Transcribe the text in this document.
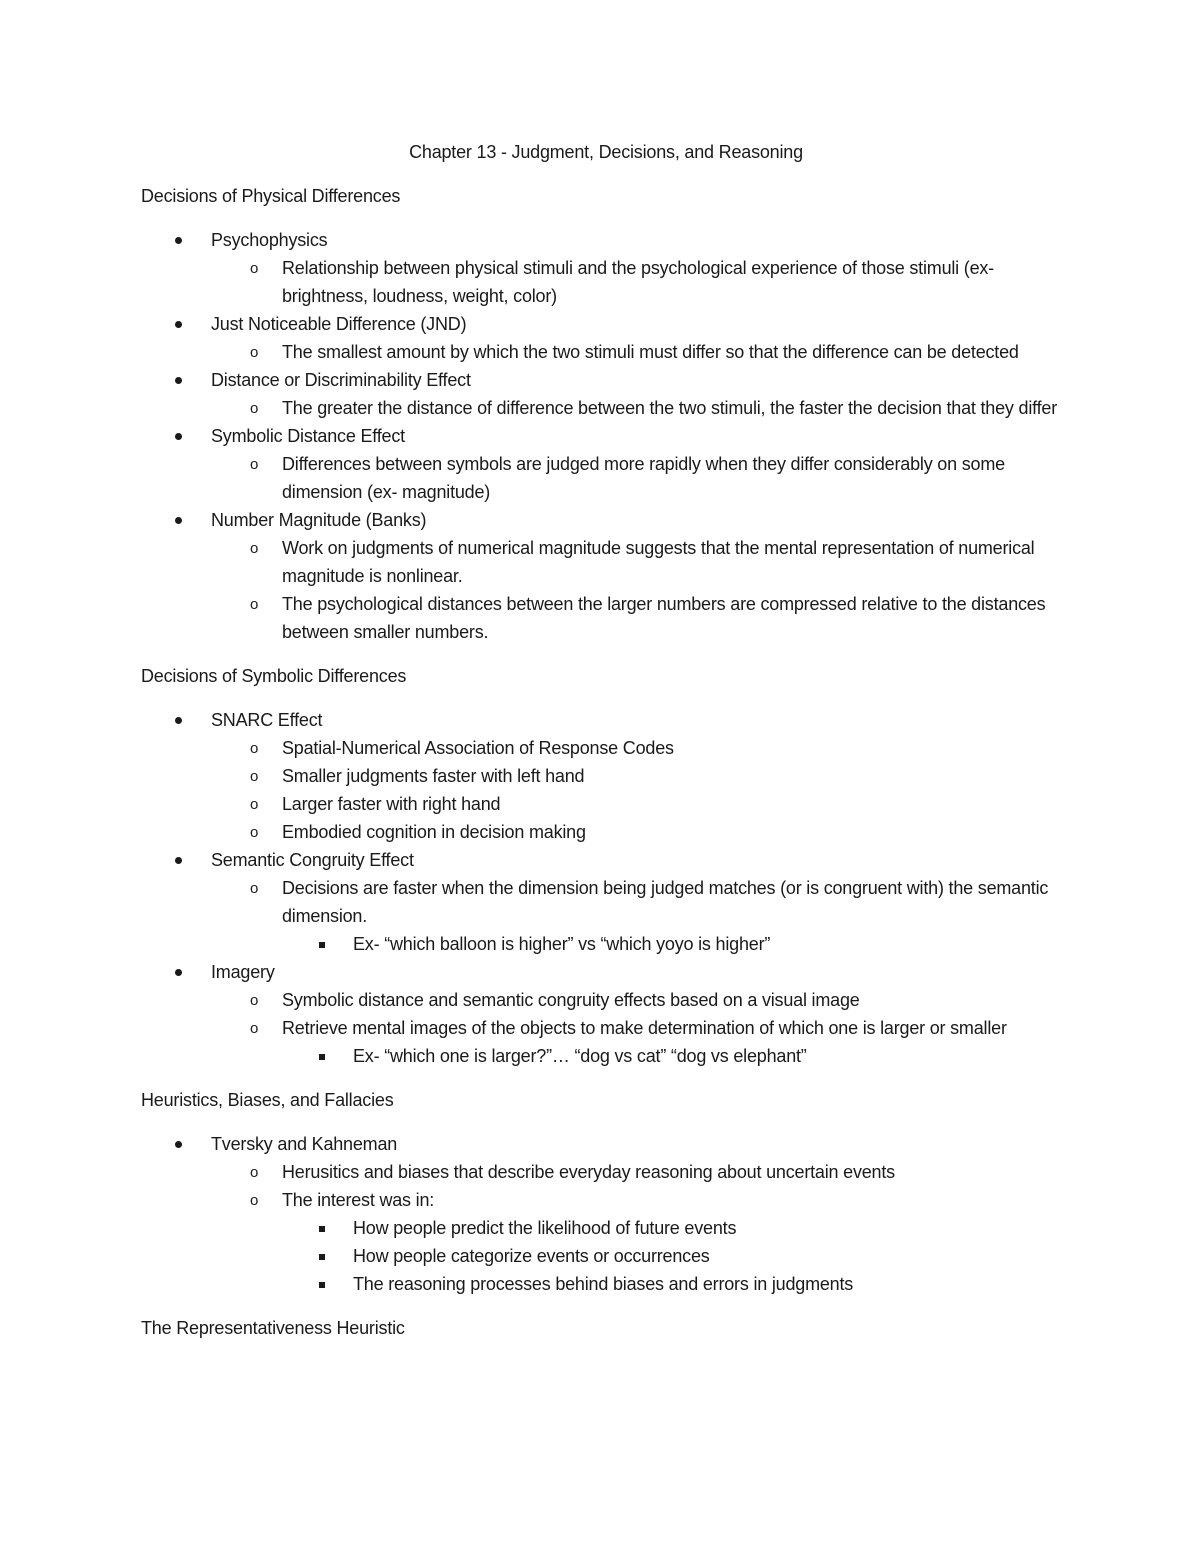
Chapter 13 - Judgment, Decisions, and Reasoning
Decisions of Physical Differences
Psychophysics
o Relationship between physical stimuli and the psychological experience of those stimuli (ex- brightness, loudness, weight, color)
Just Noticeable Difference (JND)
o The smallest amount by which the two stimuli must differ so that the difference can be detected
Distance or Discriminability Effect
o The greater the distance of difference between the two stimuli, the faster the decision that they differ
Symbolic Distance Effect
o Differences between symbols are judged more rapidly when they differ considerably on some dimension (ex- magnitude)
Number Magnitude (Banks)
o Work on judgments of numerical magnitude suggests that the mental representation of numerical magnitude is nonlinear.
o The psychological distances between the larger numbers are compressed relative to the distances between smaller numbers.
Decisions of Symbolic Differences
SNARC Effect
o Spatial-Numerical Association of Response Codes
o Smaller judgments faster with left hand
o Larger faster with right hand
o Embodied cognition in decision making
Semantic Congruity Effect
o Decisions are faster when the dimension being judged matches (or is congruent with) the semantic dimension.
Ex- “which balloon is higher” vs “which yoyo is higher”
Imagery
o Symbolic distance and semantic congruity effects based on a visual image
o Retrieve mental images of the objects to make determination of which one is larger or smaller
Ex- “which one is larger?”… “dog vs cat” “dog vs elephant”
Heuristics, Biases, and Fallacies
Tversky and Kahneman
o Herusitics and biases that describe everyday reasoning about uncertain events
o The interest was in:
How people predict the likelihood of future events
How people categorize events or occurrences
The reasoning processes behind biases and errors in judgments
The Representativeness Heuristic
